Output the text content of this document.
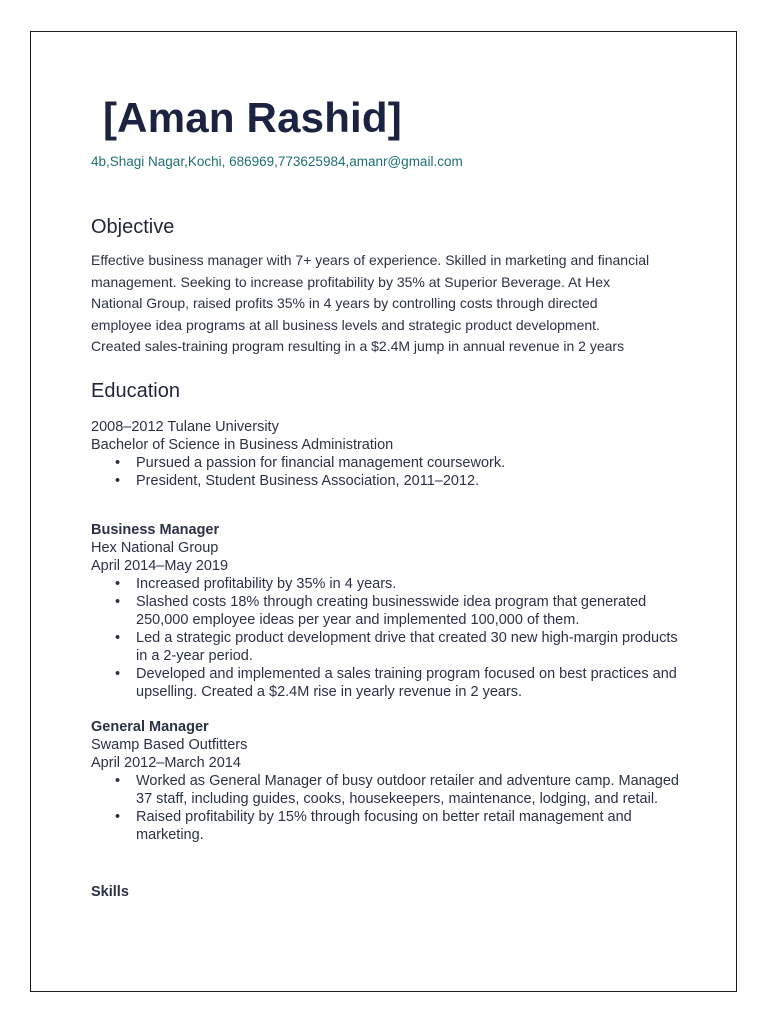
[Aman Rashid]
4b,Shagi Nagar,Kochi, 686969,773625984,amanr@gmail.com
Objective

Effective business manager with 7+ years of experience. Skilled in marketing and financial management. Seeking to increase profitability by 35% at Superior Beverage. At Hex National Group, raised profits 35% in 4 years by controlling costs through directed employee idea programs at all business levels and strategic product development. Created sales-training program resulting in a $2.4M jump in annual revenue in 2 years

Education
2008–2012 Tulane University
Bachelor of Science in Business Administration
• Pursued a passion for financial management coursework.
• President, Student Business Association, 2011–2012.
Business Manager
Hex National Group
April 2014–May 2019
• Increased profitability by 35% in 4 years.
• Slashed costs 18% through creating businesswide idea program that generated 250,000 employee ideas per year and implemented 100,000 of them.
• Led a strategic product development drive that created 30 new high-margin products in a 2-year period.
• Developed and implemented a sales training program focused on best practices and upselling. Created a $2.4M rise in yearly revenue in 2 years.
General Manager
Swamp Based Outfitters
April 2012–March 2014
• Worked as General Manager of busy outdoor retailer and adventure camp. Managed 37 staff, including guides, cooks, housekeepers, maintenance, lodging, and retail.
• Raised profitability by 15% through focusing on better retail management and marketing.
Skills
